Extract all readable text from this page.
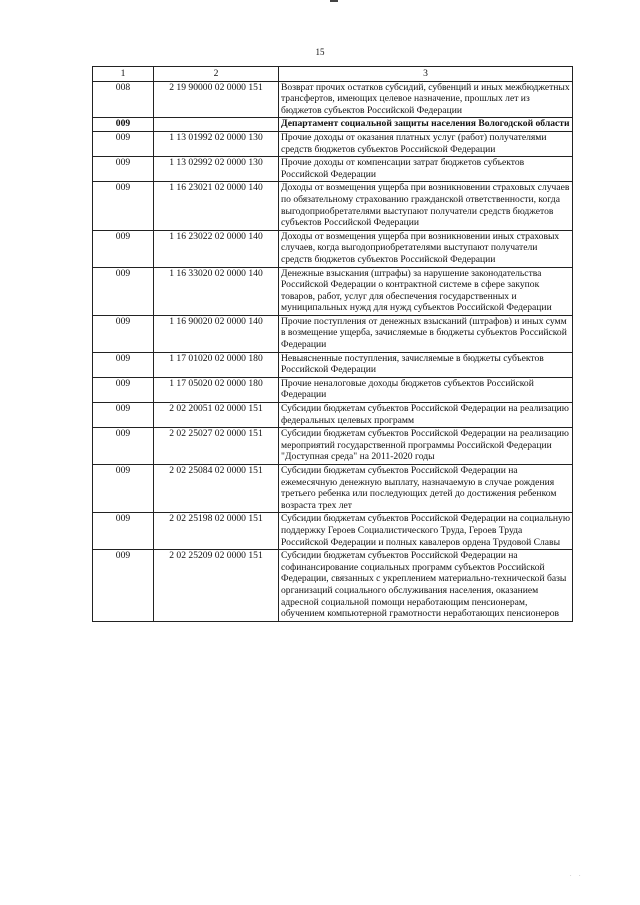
15
1	2	3
008	2 19 90000 02 0000 151	Возврат прочих остатков субсидий, субвенций и иных межбюджетных трансфертов, имеющих целевое назначение, прошлых лет из бюджетов субъектов Российской Федерации
009		Департамент социальной защиты населения Вологодской области
009	1 13 01992 02 0000 130	Прочие доходы от оказания платных услуг (работ) получателями средств бюджетов субъектов Российской Федерации
009	1 13 02992 02 0000 130	Прочие доходы от компенсации затрат бюджетов субъектов Российской Федерации
009	1 16 23021 02 0000 140	Доходы от возмещения ущерба при возникновении страховых случаев по обязательному страхованию гражданской ответственности, когда выгодоприобретателями выступают получатели средств бюджетов субъектов Российской Федерации
009	1 16 23022 02 0000 140	Доходы от возмещения ущерба при возникновении иных страховых случаев, когда выгодоприобретателями выступают получатели средств бюджетов субъектов Российской Федерации
009	1 16 33020 02 0000 140	Денежные взыскания (штрафы) за нарушение законодательства Российской Федерации о контрактной системе в сфере закупок товаров, работ, услуг для обеспечения государственных и муниципальных нужд для нужд субъектов Российской Федерации
009	1 16 90020 02 0000 140	Прочие поступления от денежных взысканий (штрафов) и иных сумм в возмещение ущерба, зачисляемые в бюджеты субъектов Российской Федерации
009	1 17 01020 02 0000 180	Невыясненные поступления, зачисляемые в бюджеты субъектов Российской Федерации
009	1 17 05020 02 0000 180	Прочие неналоговые доходы бюджетов субъектов Российской Федерации
009	2 02 20051 02 0000 151	Субсидии бюджетам субъектов Российской Федерации на реализацию федеральных целевых программ
009	2 02 25027 02 0000 151	Субсидии бюджетам субъектов Российской Федерации на реализацию мероприятий государственной программы Российской Федерации "Доступная среда" на 2011-2020 годы
009	2 02 25084 02 0000 151	Субсидии бюджетам субъектов Российской Федерации на ежемесячную денежную выплату, назначаемую в случае рождения третьего ребенка или последующих детей до достижения ребенком возраста трех лет
009	2 02 25198 02 0000 151	Субсидии бюджетам субъектов Российской Федерации на социальную поддержку Героев Социалистического Труда, Героев Труда Российской Федерации и полных кавалеров ордена Трудовой Славы
009	2 02 25209 02 0000 151	Субсидии бюджетам субъектов Российской Федерации на софинансирование социальных программ субъектов Российской Федерации, связанных с укреплением материально-технической базы организаций социального обслуживания населения, оказанием адресной социальной помощи неработающим пенсионерам, обучением компьютерной грамотности неработающих пенсионеров
. .
